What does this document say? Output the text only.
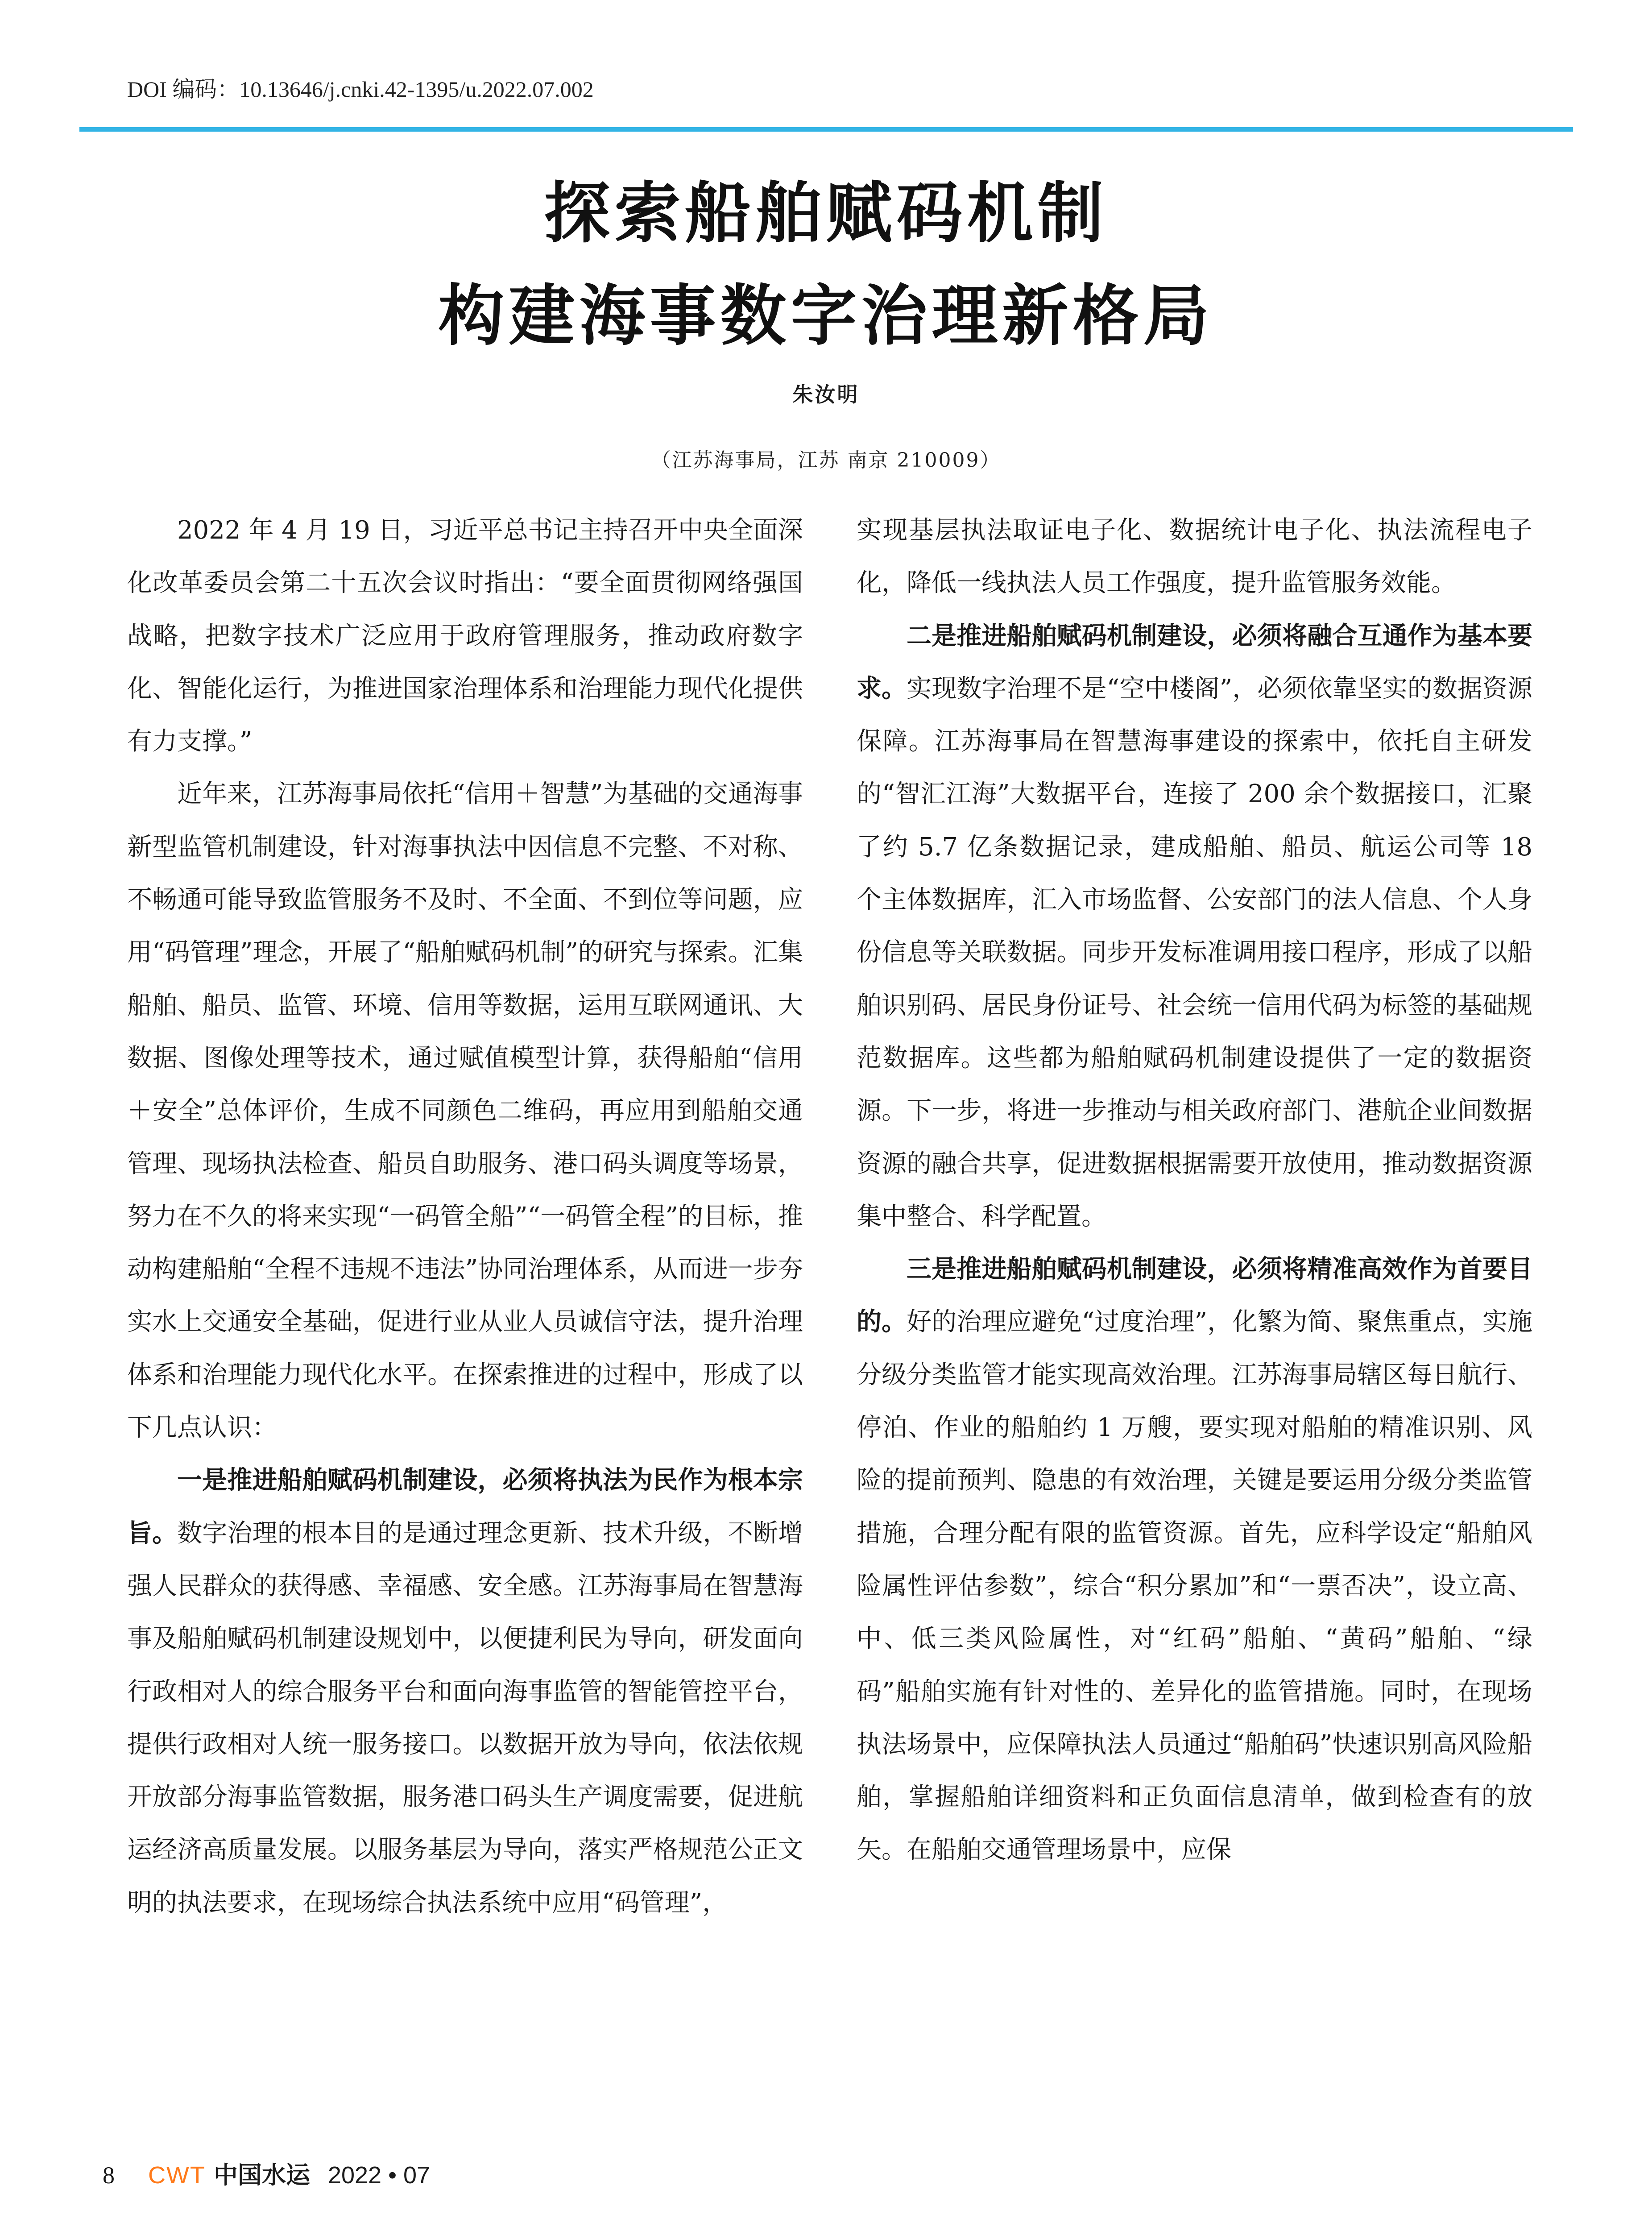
DOI 编码：10.13646/j.cnki.42-1395/u.2022.07.002
探索船舶赋码机制
构建海事数字治理新格局
朱汝明
（江苏海事局，江苏 南京 210009）

2022 年 4 月 19 日，习近平总书记主持召开中央全面深化改革委员会第二十五次会议时指出：“要全面贯彻网络强国战略，把数字技术广泛应用于政府管理服务，推动政府数字化、智能化运行，为推进国家治理体系和治理能力现代化提供有力支撑。”

近年来，江苏海事局依托“信用＋智慧”为基础的交通海事新型监管机制建设，针对海事执法中因信息不完整、不对称、不畅通可能导致监管服务不及时、不全面、不到位等问题，应用“码管理”理念，开展了“船舶赋码机制”的研究与探索。汇集船舶、船员、监管、环境、信用等数据，运用互联网通讯、大数据、图像处理等技术，通过赋值模型计算，获得船舶“信用＋安全”总体评价，生成不同颜色二维码，再应用到船舶交通管理、现场执法检查、船员自助服务、港口码头调度等场景，努力在不久的将来实现“一码管全船”“一码管全程”的目标，推动构建船舶“全程不违规不违法”协同治理体系，从而进一步夯实水上交通安全基础，促进行业从业人员诚信守法，提升治理体系和治理能力现代化水平。在探索推进的过程中，形成了以下几点认识：

一是推进船舶赋码机制建设，必须将执法为民作为根本宗旨。数字治理的根本目的是通过理念更新、技术升级，不断增强人民群众的获得感、幸福感、安全感。江苏海事局在智慧海事及船舶赋码机制建设规划中，以便捷利民为导向，研发面向行政相对人的综合服务平台和面向海事监管的智能管控平台，提供行政相对人统一服务接口。以数据开放为导向，依法依规开放部分海事监管数据，服务港口码头生产调度需要，促进航运经济高质量发展。以服务基层为导向，落实严格规范公正文明的执法要求，在现场综合执法系统中应用“码管理”，

实现基层执法取证电子化、数据统计电子化、执法流程电子化，降低一线执法人员工作强度，提升监管服务效能。

二是推进船舶赋码机制建设，必须将融合互通作为基本要求。实现数字治理不是“空中楼阁”，必须依靠坚实的数据资源保障。江苏海事局在智慧海事建设的探索中，依托自主研发的“智汇江海”大数据平台，连接了 200 余个数据接口，汇聚了约 5.7 亿条数据记录，建成船舶、船员、航运公司等 18 个主体数据库，汇入市场监督、公安部门的法人信息、个人身份信息等关联数据。同步开发标准调用接口程序，形成了以船舶识别码、居民身份证号、社会统一信用代码为标签的基础规范数据库。这些都为船舶赋码机制建设提供了一定的数据资源。下一步，将进一步推动与相关政府部门、港航企业间数据资源的融合共享，促进数据根据需要开放使用，推动数据资源集中整合、科学配置。

三是推进船舶赋码机制建设，必须将精准高效作为首要目的。好的治理应避免“过度治理”，化繁为简、聚焦重点，实施分级分类监管才能实现高效治理。江苏海事局辖区每日航行、停泊、作业的船舶约 1 万艘，要实现对船舶的精准识别、风险的提前预判、隐患的有效治理，关键是要运用分级分类监管措施，合理分配有限的监管资源。首先，应科学设定“船舶风险属性评估参数”，综合“积分累加”和“一票否决”，设立高、中、低三类风险属性，对“红码”船舶、“黄码”船舶、“绿码”船舶实施有针对性的、差异化的监管措施。同时，在现场执法场景中，应保障执法人员通过“船舶码”快速识别高风险船舶，掌握船舶详细资料和正负面信息清单，做到检查有的放矢。在船舶交通管理场景中，应保

8 CWT 中国水运 2022 • 07
